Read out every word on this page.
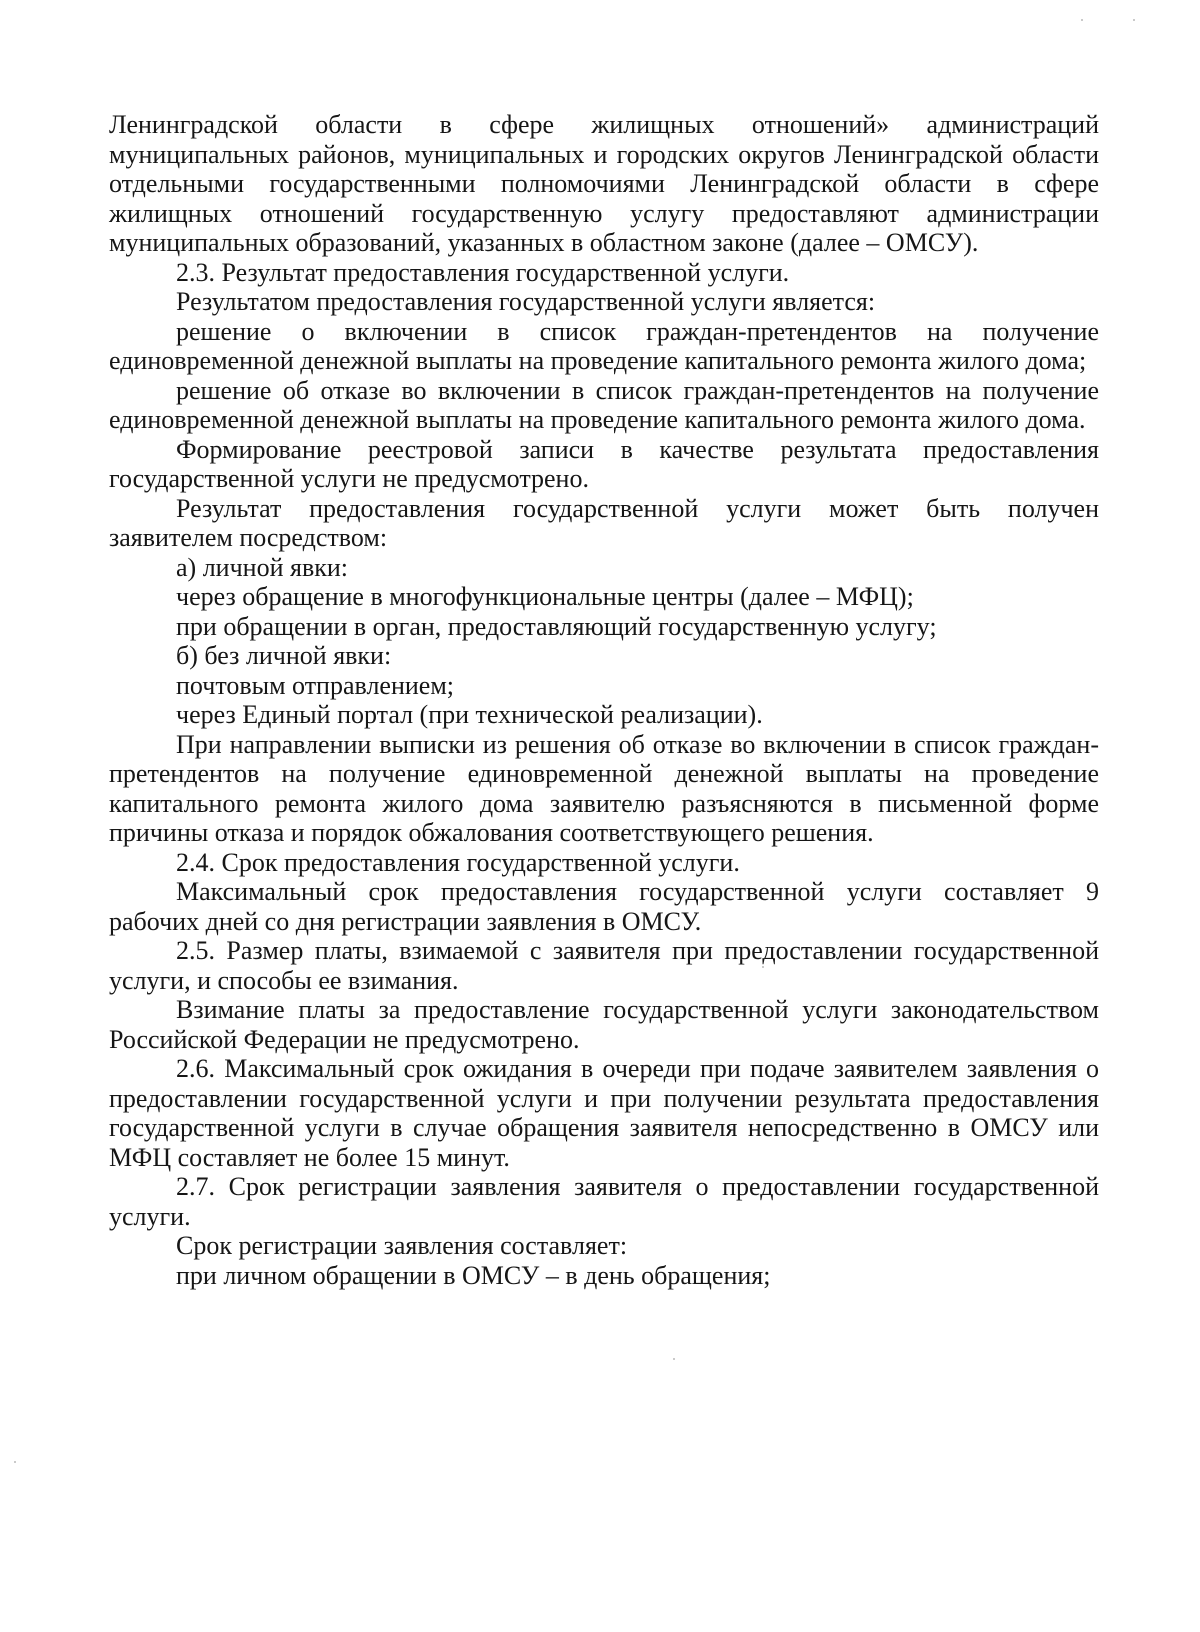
Ленинградской области в сфере жилищных отношений» администраций муниципальных районов, муниципальных и городских округов Ленинградской области отдельными государственными полномочиями Ленинградской области в сфере жилищных отношений государственную услугу предоставляют администрации муниципальных образований, указанных в областном законе (далее – ОМСУ).

2.3. Результат предоставления государственной услуги.

Результатом предоставления государственной услуги является:

решение о включении в список граждан-претендентов на получение единовременной денежной выплаты на проведение капитального ремонта жилого дома;

решение об отказе во включении в список граждан-претендентов на получение единовременной денежной выплаты на проведение капитального ремонта жилого дома.

Формирование реестровой записи в качестве результата предоставления государственной услуги не предусмотрено.

Результат предоставления государственной услуги может быть получен заявителем посредством:

а) личной явки:

через обращение в многофункциональные центры (далее – МФЦ);

при обращении в орган, предоставляющий государственную услугу;

б) без личной явки:

почтовым отправлением;

через Единый портал (при технической реализации).

При направлении выписки из решения об отказе во включении в список граждан-претендентов на получение единовременной денежной выплаты на проведение капитального ремонта жилого дома заявителю разъясняются в письменной форме причины отказа и порядок обжалования соответствующего решения.

2.4. Срок предоставления государственной услуги.

Максимальный срок предоставления государственной услуги составляет 9 рабочих дней со дня регистрации заявления в ОМСУ.

2.5. Размер платы, взимаемой с заявителя при предоставлении государственной услуги, и способы ее взимания.

Взимание платы за предоставление государственной услуги законодательством Российской Федерации не предусмотрено.

2.6. Максимальный срок ожидания в очереди при подаче заявителем заявления о предоставлении государственной услуги и при получении результата предоставления государственной услуги в случае обращения заявителя непосредственно в ОМСУ или МФЦ составляет не более 15 минут.

2.7. Срок регистрации заявления заявителя о предоставлении государственной услуги.

Срок регистрации заявления составляет:

при личном обращении в ОМСУ – в день обращения;
